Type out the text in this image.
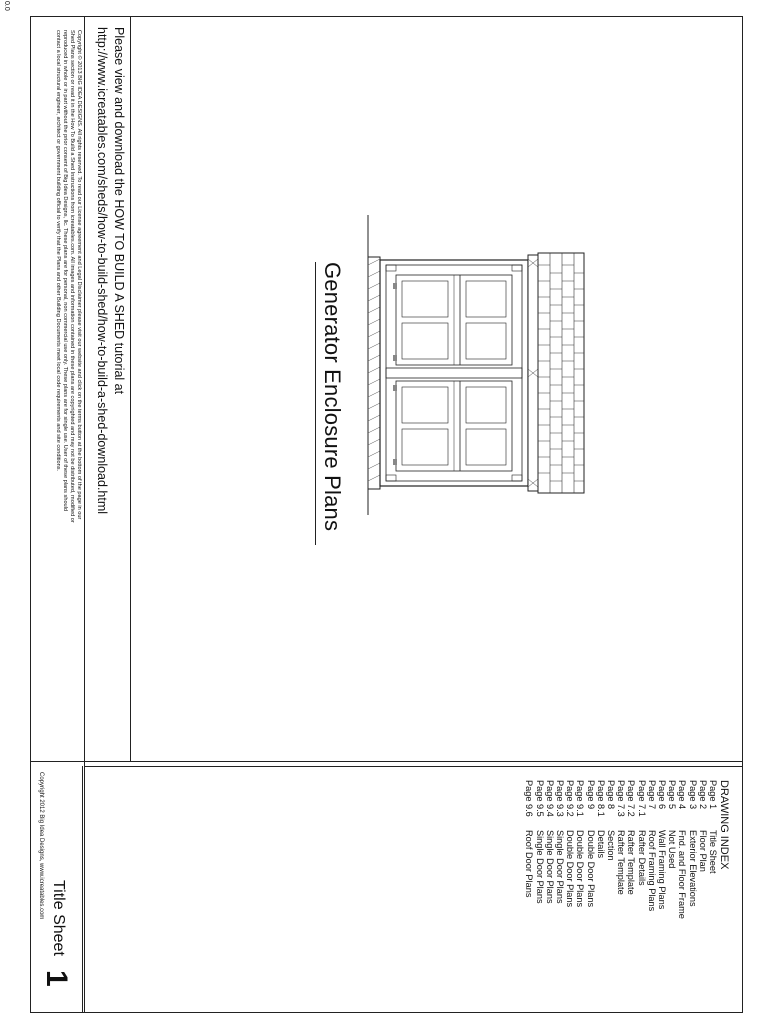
0.0
Copyright © 2013 BIG IDEA DESIGNS. All rights reserved. To read our License agreement and Legal Disclaimer please visit our website and click on the terms button at the bottom of the page in our
Shed Plans section or read it in the How To Build a Shed Instructions from icreatables.com. All images and information contained in these plans are copyrighted and may not be distributed, modified or
reproduced in whole or in part without the prior consent of Big Idea Designs, llc. These plans are for personal, non commercial use only. These plans are for single use. User of these plans should
contact a local structural engineer, architect or government building official to verify that the Plans and other Building Documents meet local code requirements and site conditions.	Please view and download the HOW TO BUILD A SHED tutorial at
http://www.icreatables.com/sheds/how-to-build-shed/how-to-build-a-shed-download.html	Generator Enclosure Plans
DRAWING INDEX
Page 1Title Sheet
Page 2Floor Plan
Page 3Exterior Elevations
Page 4Fnd. and Floor Frame
Page 5Not Used
Page 6Wall Framing Plans
Page 7Roof Framing Plans
Page 7.1Rafter Details
Page 7.2Rafter Template
Page 7.3Rafter Template
Page 8Section
Page 8.1Details
Page 9Double Door Plans
Page 9.1Double Door Plans
Page 9.2Double Door Plans
Page 9.3Single Door Plans
Page 9.4Single Door Plans
Page 9.5Single Door Plans
Page 9.6Roof Door Plans
Title Sheet
1
Copyright 2012 Big Idea Designs, www.icreatables.com
